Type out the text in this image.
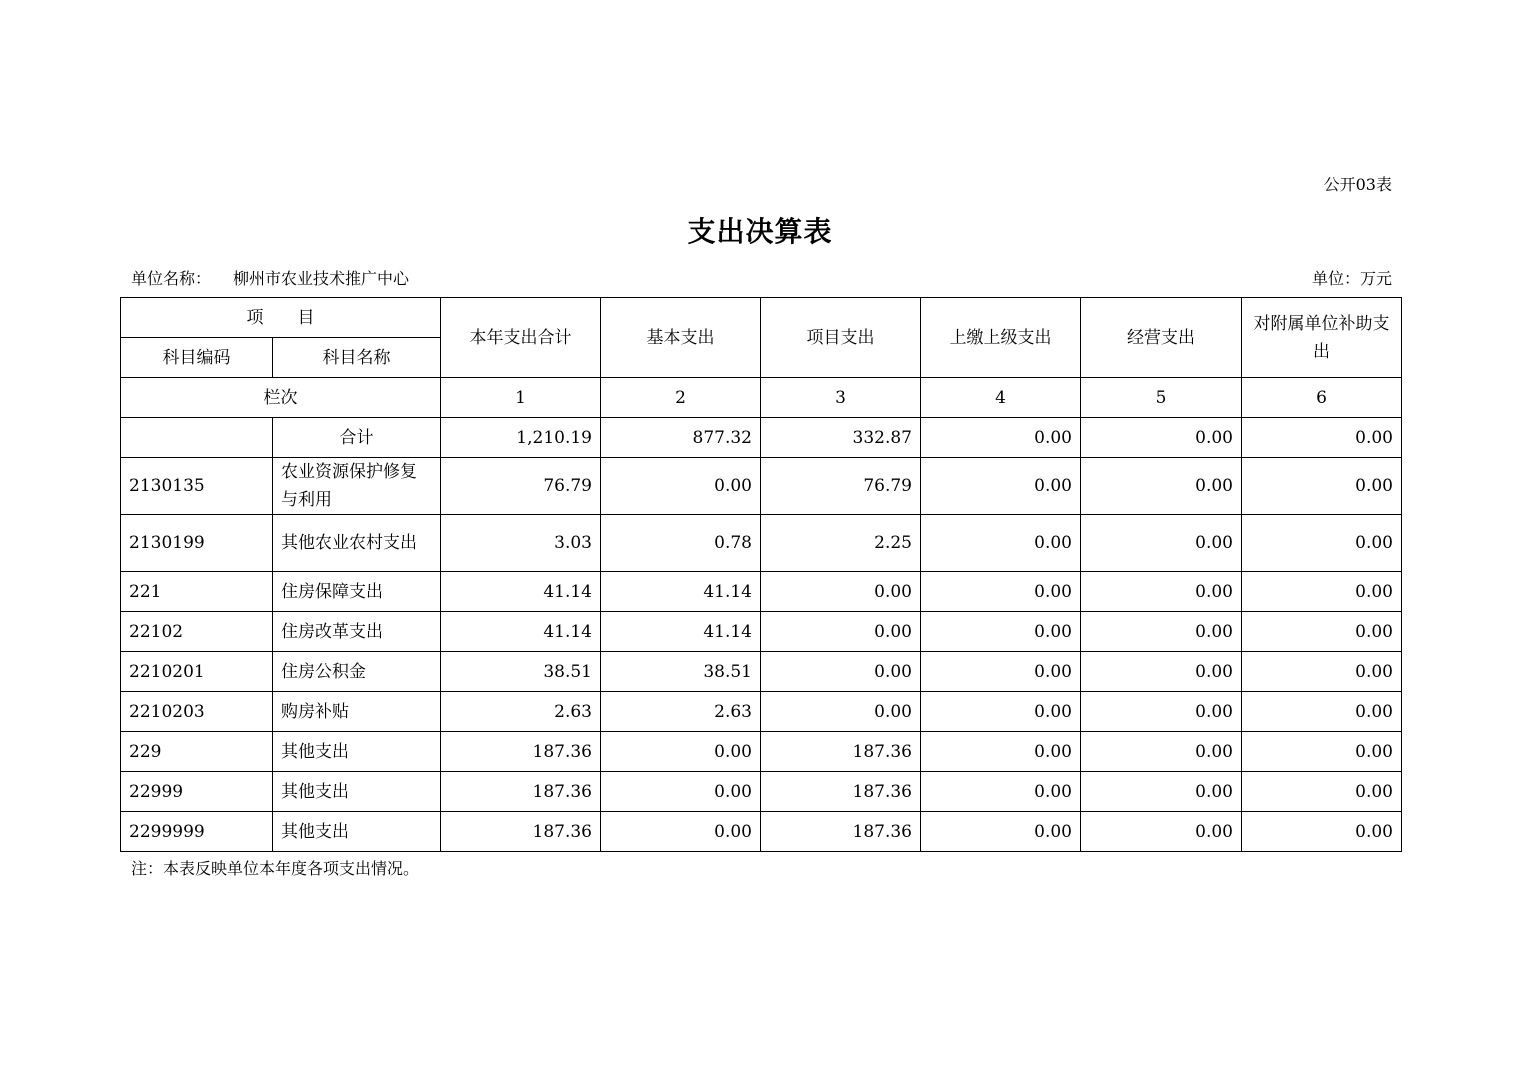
公开03表
支出决算表
单位名称： 柳州市农业技术推广中心	单位：万元
项　　目		本年支出合计	基本支出	项目支出	上缴上级支出	经营支出	对附属单位补助支出
科目编码	科目名称						
栏次		1	2	3	4	5	6
	合计	1,210.19	877.32	332.87	0.00	0.00	0.00
2130135	农业资源保护修复与利用	76.79	0.00	76.79	0.00	0.00	0.00
2130199	其他农业农村支出	3.03	0.78	2.25	0.00	0.00	0.00
221	住房保障支出	41.14	41.14	0.00	0.00	0.00	0.00
22102	住房改革支出	41.14	41.14	0.00	0.00	0.00	0.00
2210201	住房公积金	38.51	38.51	0.00	0.00	0.00	0.00
2210203	购房补贴	2.63	2.63	0.00	0.00	0.00	0.00
229	其他支出	187.36	0.00	187.36	0.00	0.00	0.00
22999	其他支出	187.36	0.00	187.36	0.00	0.00	0.00
2299999	其他支出	187.36	0.00	187.36	0.00	0.00	0.00
注：本表反映单位本年度各项支出情况。
